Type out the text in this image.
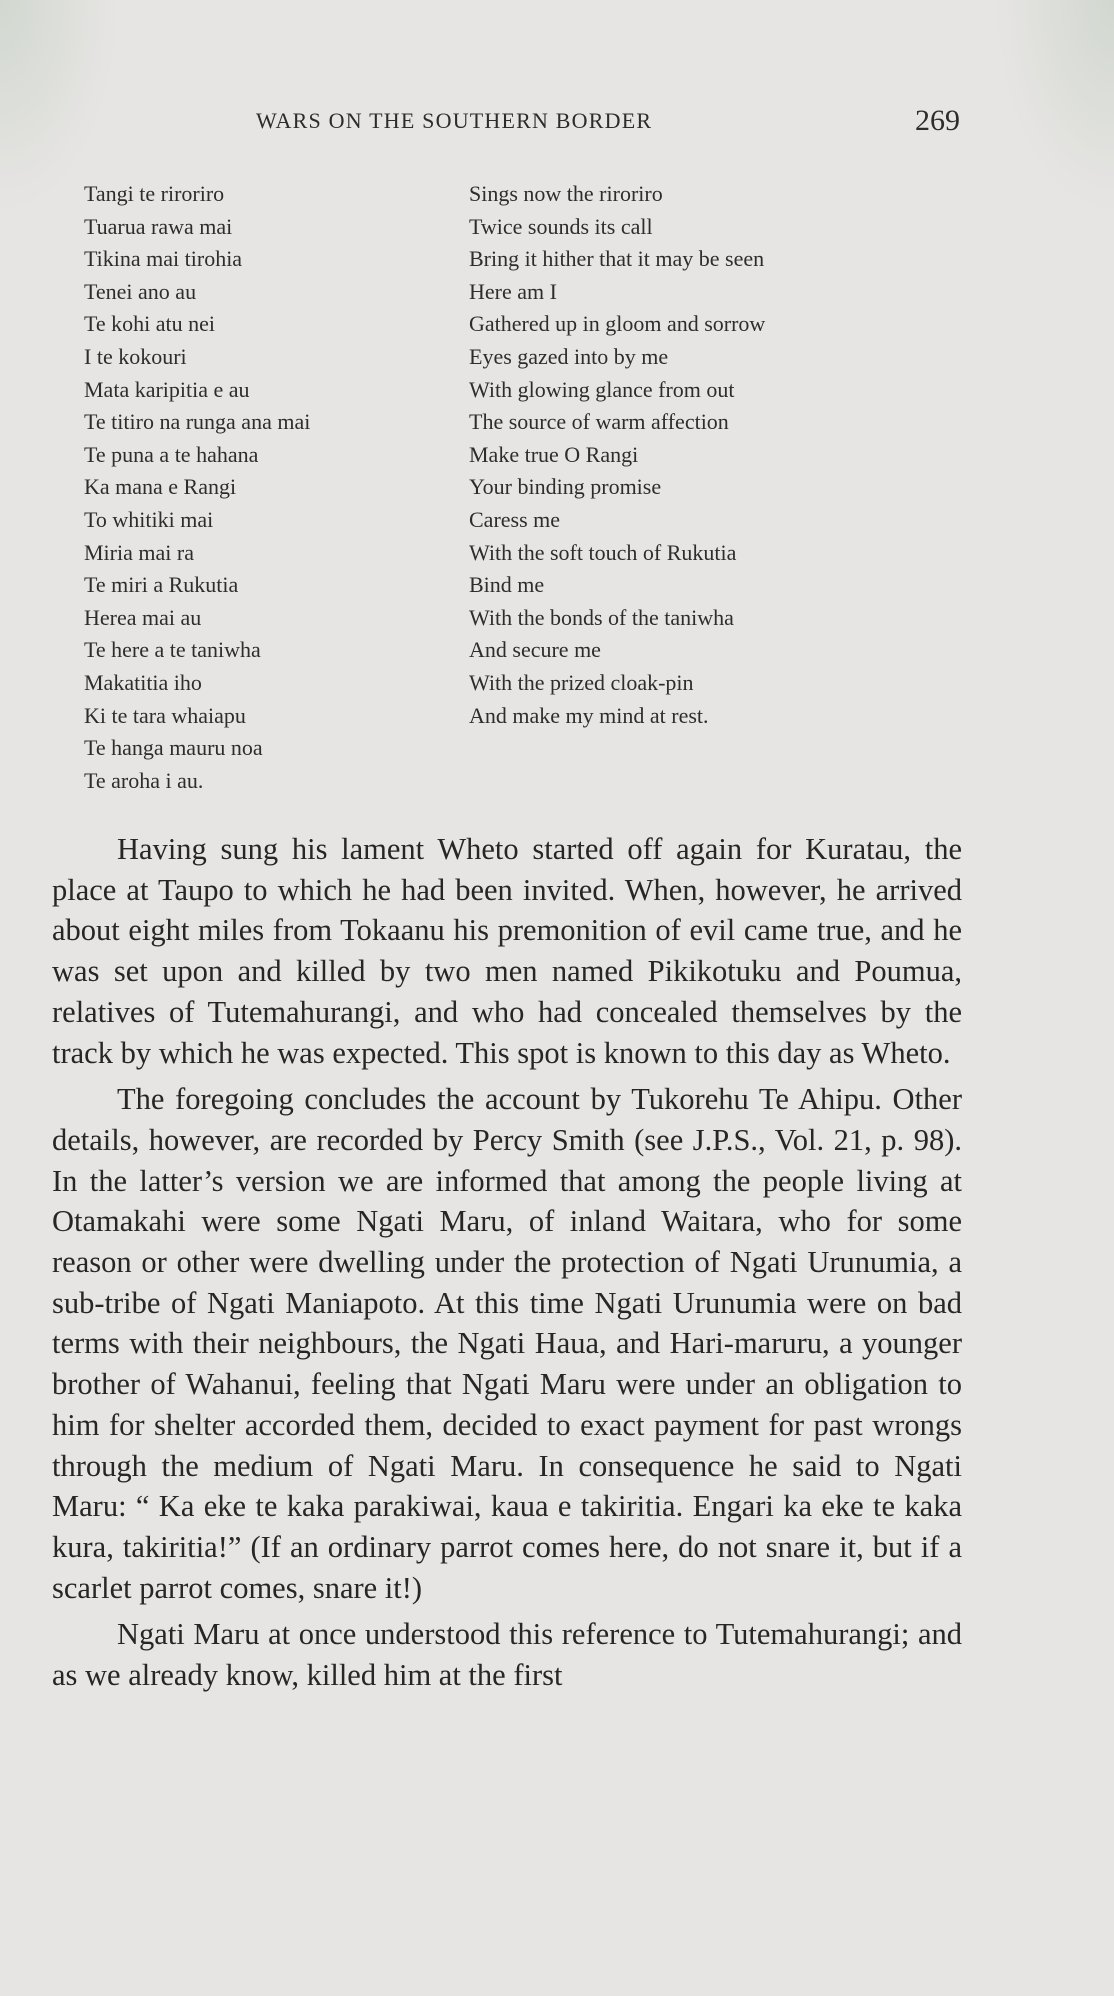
WARS ON THE SOUTHERN BORDER	269
Tangi te riroriro	Sings now the riroriro
Tuarua rawa mai	Twice sounds its call
Tikina mai tirohia	Bring it hither that it may be seen
Tenei ano au	Here am I
Te kohi atu nei	Gathered up in gloom and sorrow
I te kokouri	Eyes gazed into by me
Mata karipitia e au	With glowing glance from out
Te titiro na runga ana mai	The source of warm affection
Te puna a te hahana	Make true O Rangi
Ka mana e Rangi	Your binding promise
To whitiki mai	Caress me
Miria mai ra	With the soft touch of Rukutia
Te miri a Rukutia	Bind me
Herea mai au	With the bonds of the taniwha
Te here a te taniwha	And secure me
Makatitia iho	With the prized cloak-pin
Ki te tara whaiapu	And make my mind at rest.
Te hanga mauru noa
Te aroha i au.

Having sung his lament Wheto started off again for Kuratau, the place at Taupo to which he had been invited. When, however, he arrived about eight miles from Tokaanu his premonition of evil came true, and he was set upon and killed by two men named Pikikotuku and Poumua, relatives of Tutemahurangi, and who had concealed themselves by the track by which he was expected. This spot is known to this day as Wheto.

The foregoing concludes the account by Tukorehu Te Ahipu. Other details, however, are recorded by Percy Smith (see J.P.S., Vol. 21, p. 98). In the latter’s version we are informed that among the people living at Otamakahi were some Ngati Maru, of inland Waitara, who for some reason or other were dwelling under the protection of Ngati Urunumia, a sub-tribe of Ngati Maniapoto. At this time Ngati Urunumia were on bad terms with their neighbours, the Ngati Haua, and Hari-maruru, a younger brother of Wahanui, feeling that Ngati Maru were under an obligation to him for shelter accorded them, decided to exact payment for past wrongs through the medium of Ngati Maru. In consequence he said to Ngati Maru: “ Ka eke te kaka parakiwai, kaua e takiritia. Engari ka eke te kaka kura, takiritia!” (If an ordinary parrot comes here, do not snare it, but if a scarlet parrot comes, snare it!)

Ngati Maru at once understood this reference to Tutemahurangi; and as we already know, killed him at the first
